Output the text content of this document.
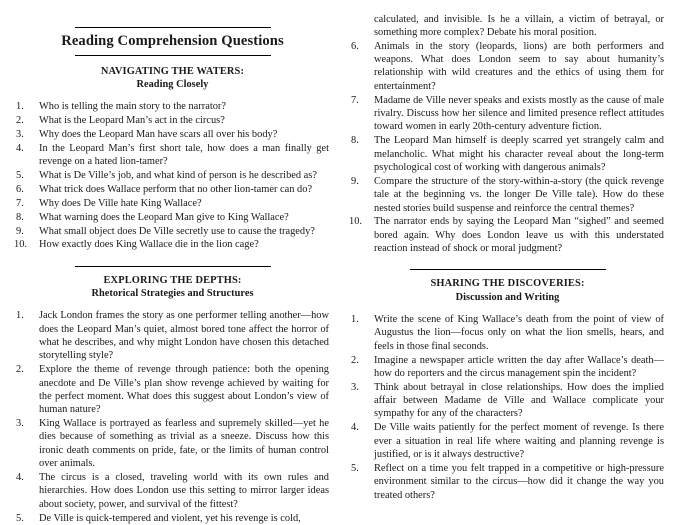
Reading Comprehension Questions
NAVIGATING THE WATERS:
Reading Closely
1.	Who is telling the main story to the narrator?
2.	What is the Leopard Man’s act in the circus?
3.	Why does the Leopard Man have scars all over his body?
4.	In the Leopard Man’s first short tale, how does a man finally get revenge on a hated lion-tamer?
5.	What is De Ville’s job, and what kind of person is he described as?
6.	What trick does Wallace perform that no other lion-tamer can do?
7.	Why does De Ville hate King Wallace?
8.	What warning does the Leopard Man give to King Wallace?
9.	What small object does De Ville secretly use to cause the tragedy?
10.	How exactly does King Wallace die in the lion cage?
EXPLORING THE DEPTHS:
Rhetorical Strategies and Structures
1.	Jack London frames the story as one performer telling another—how does the Leopard Man’s quiet, almost bored tone affect the horror of what he describes, and why might London have chosen this detached storytelling style?
2.	Explore the theme of revenge through patience: both the opening anecdote and De Ville’s plan show revenge achieved by waiting for the perfect moment. What does this suggest about London’s view of human nature?
3.	King Wallace is portrayed as fearless and supremely skilled—yet he dies because of something as trivial as a sneeze. Discuss how this ironic death comments on pride, fate, or the limits of human control over animals.
4.	The circus is a closed, traveling world with its own rules and hierarchies. How does London use this setting to mirror larger ideas about society, power, and survival of the fittest?
5.	De Ville is quick-tempered and violent, yet his revenge is cold,

calculated, and invisible. Is he a villain, a victim of betrayal, or something more complex? Debate his moral position.

6.	Animals in the story (leopards, lions) are both performers and weapons. What does London seem to say about humanity’s relationship with wild creatures and the ethics of using them for entertainment?
7.	Madame de Ville never speaks and exists mostly as the cause of male rivalry. Discuss how her silence and limited presence reflect attitudes toward women in early 20th-century adventure fiction.
8.	The Leopard Man himself is deeply scarred yet strangely calm and melancholic. What might his character reveal about the long-term psychological cost of working with dangerous animals?
9.	Compare the structure of the story-within-a-story (the quick revenge tale at the beginning vs. the longer De Ville tale). How do these nested stories build suspense and reinforce the central themes?
10.	The narrator ends by saying the Leopard Man “sighed” and seemed bored again. Why does London leave us with this understated reaction instead of shock or moral judgment?
SHARING THE DISCOVERIES:
Discussion and Writing
1.	Write the scene of King Wallace’s death from the point of view of Augustus the lion—focus only on what the lion smells, hears, and feels in those final seconds.
2.	Imagine a newspaper article written the day after Wallace’s death—how do reporters and the circus management spin the incident?
3.	Think about betrayal in close relationships. How does the implied affair between Madame de Ville and Wallace complicate your sympathy for any of the characters?
4.	De Ville waits patiently for the perfect moment of revenge. Is there ever a situation in real life where waiting and planning revenge is justified, or is it always destructive?
5.	Reflect on a time you felt trapped in a competitive or high-pressure environment similar to the circus—how did it change the way you treated others?
